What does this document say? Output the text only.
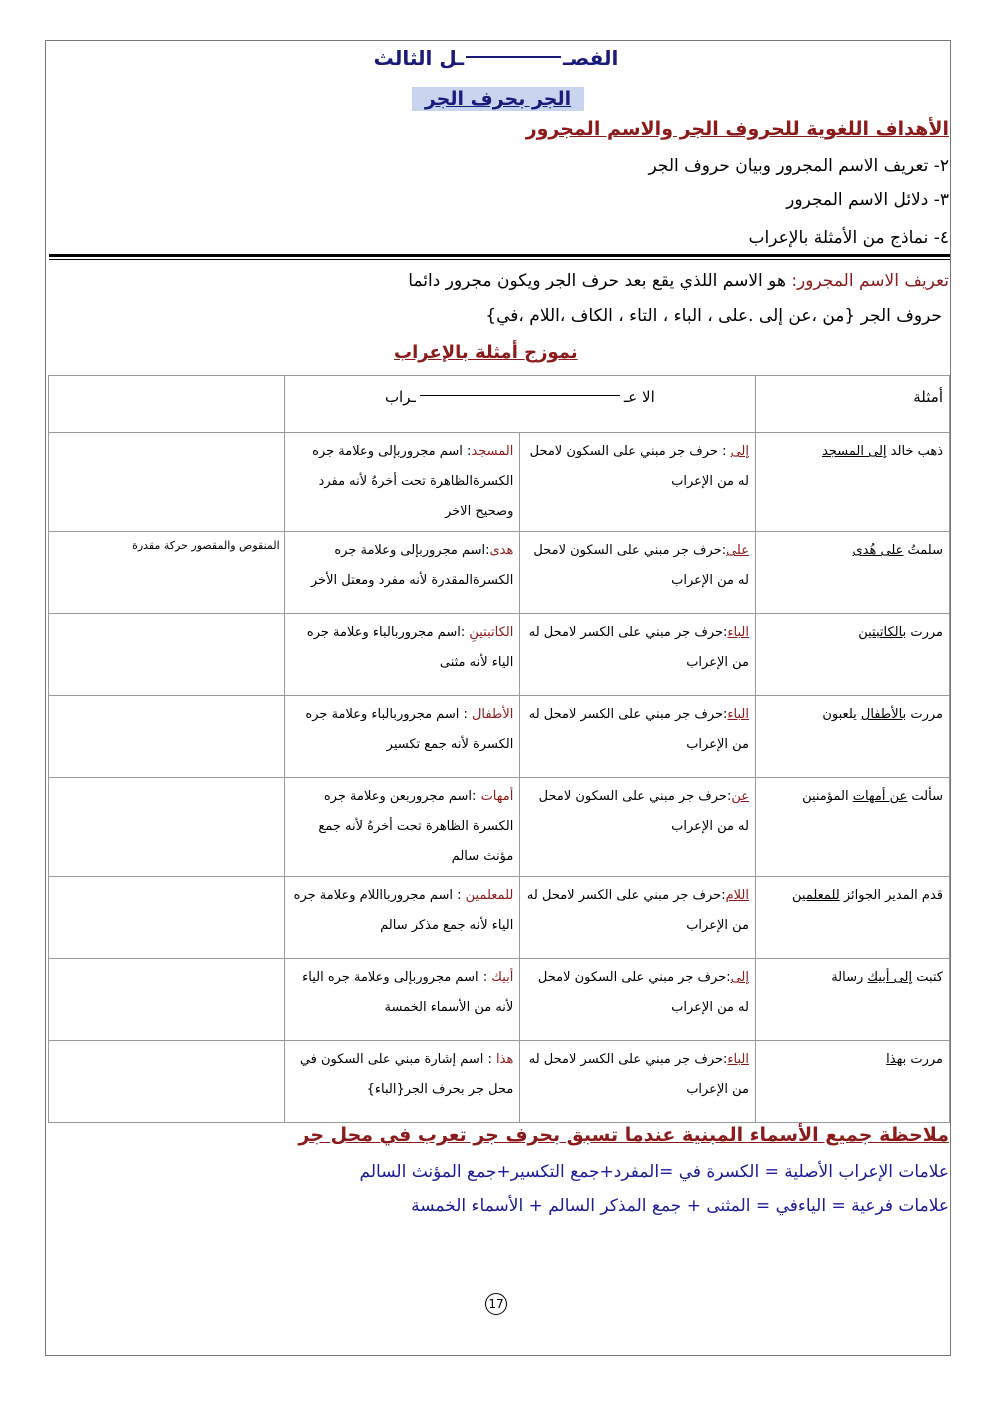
الفصــل الثالث
الجر بحرف الجر
الأهداف اللغوية للحروف الجر والاسم المجرور
٢- تعريف الاسم المجرور وبيان حروف الجر
٣- دلائل الاسم المجرور
٤- نماذج من الأمثلة بالإعراب
تعريف الاسم المجرور: هو الاسم اللذي يقع بعد حرف الجر ويكون مجرور دائما
حروف الجر {من ،عن إلى .على ، الباء ، التاء ، الكاف ،اللام ،في}
نموزج أمثلة بالإعراب
أمثلة	الا عــراب		
ذهب خالد إلى المسجد	إلى : حرف جر مبني على السكون لامحل له من الإعراب	المسجد: اسم مجروربإلى وعلامة جره الكسرةالظاهرة تحت أخرهُ لأنه مفرد وصحيح الاخر	
سلمتُ على هُدى	على:حرف جر مبني على السكون لامحل له من الإعراب	هدى:اسم مجروربإلى وعلامة جره الكسرةالمقدرة لأنه مفرد ومعتل الأخر	المنقوص والمقصور حركة مقدرة
مررت بالكاتبتين	الباء:حرف جر مبني على الكسر لامحل له من الإعراب	الكاتبتينِ :اسم مجروربالباء وعلامة جره الياء لأنه مثنى	
مررت بالأطفال يلعبون	الباء:حرف جر مبني على الكسر لامحل له من الإعراب	الأطفال : اسم مجروربالباء وعلامة جره الكسرة لأنه جمع تكسير	
سألت عن أمهات المؤمنين	عن:حرف جر مبني على السكون لامحل له من الإعراب	أمهات :اسم مجروربعن وعلامة جره الكسرة الظاهرة تحت أخرهُ لأنه جمع مؤنث سالم	
قدم المدير الجوائز للمعلمين	اللام:حرف جر مبني على الكسر لامحل له من الإعراب	للمعلمين : اسم مجروربااللام وعلامة جره الياء لأنه جمع مذكر سالم	
كتبت إلى أبيك رسالة	إلى:حرف جر مبني على السكون لامحل له من الإعراب	أبيك : اسم مجروربإلى وعلامة جره الياء لأنه من الأسماء الخمسة	
مررت بهذا	الباء:حرف جر مبني على الكسر لامحل له من الإعراب	هذا : اسم إشارة مبني على السكون في محل جر بحرف الجر{الباء}	
ملاحظة جميع الأسماء المبنية عندما تسبق بحرف جر تعرب في محل جر
علامات الإعراب الأصلية = الكسرة في =المفرد+جمع التكسير+جمع المؤنث السالم
علامات فرعية = الياءفي = المثنى + جمع المذكر السالم + الأسماء الخمسة
17
